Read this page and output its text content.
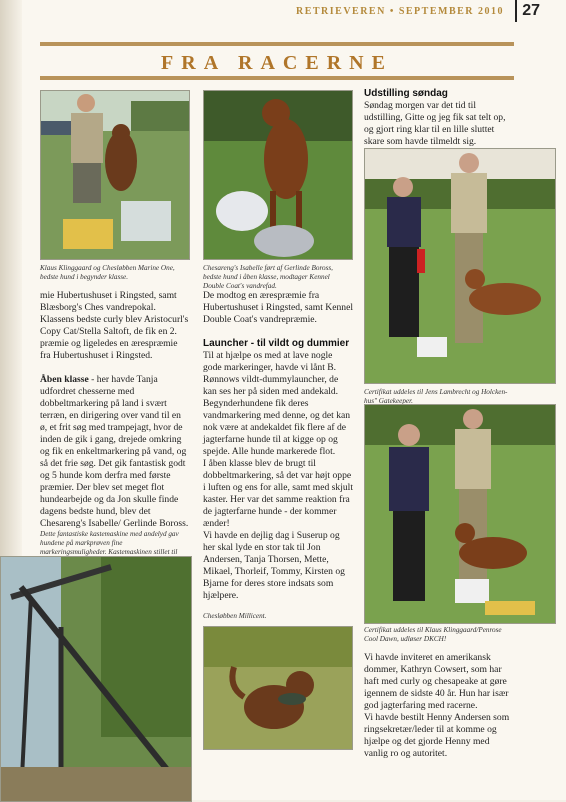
RETRIEVEREN • SEPTEMBER 2010 27
FRA RACERNE
Klaus Klinggaard og Chesløbben Marine One, bedste hund i begynder klasse.
Chesareng's Isabelle ført af Gerlinde Boross, bedste hund i åben klasse, modtager Kennel Double Coat's vandrefad.

mie Hubertushuset i Ringsted, samt Blæsborg's Ches vandrepokal. Klassens bedste curly blev Aristocurl's Copy Cat/Stella Saltoft, de fik en 2. præmie og ligeledes en ærespræmie fra Hubertushuset i Ringsted.

Åben klasse - her havde Tanja udfordret chesserne med dobbeltmarkering på land i svært terræn, en dirigering over vand til en ø, et frit søg med trampejagt, hvor de inden de gik i gang, drejede omkring og fik en enkeltmarkering på vand, og så det frie søg. Det gik fantastisk godt og 5 hunde kom derfra med første præmier. Der blev set meget flot hundearbejde og da Jon skulle finde dagens bedste hund, blev det Chesareng's Isabelle/ Gerlinde Boross.

Dette fantastiske kastemaskine med andelyd gav hundene på markprøven fine markeringsmuligheder. Kastemaskinen stillet til

De modtog en ærespræmie fra Hubertushuset i Ringsted, samt Kennel Double Coat's vandrepræmie.

Launcher - til vildt og dummier

Til at hjælpe os med at lave nogle gode markeringer, havde vi lånt B. Rønnows vildt-dummylauncher, de kan ses her på siden med andekald. Begynderhundene fik deres vandmarkering med denne, og det kan nok være at andekaldet fik flere af de jagterfarne hunde til at kigge op og spejde. Alle hunde markerede flot.

I åben klasse blev de brugt til dobbeltmarkering, så det var højt oppe i luften og ens for alle, samt med skjult kaster. Her var det samme reaktion fra de jagterfarne hunde - der kommer ænder!

Vi havde en dejlig dag i Suserup og her skal lyde en stor tak til Jon Andersen, Tanja Thorsen, Mette, Mikael, Thorleif, Tommy, Kirsten og Bjarne for deres store indsats som hjælpere.

Chesløbben Millicent.

Udstilling søndag

Søndag morgen var det tid til udstilling, Gitte og jeg fik sat telt op, og gjort ring klar til en lille sluttet skare som havde tilmeldt sig.

Certifikat uddeles til Jens Lambrecht og Holcken-hus" Gatekeeper.
Certifikat uddeles til Klaus Klinggaard/Penrose Cool Dawn, udløser DKCH!

Vi havde inviteret en amerikansk dommer, Kathryn Cowsert, som har haft med curly og chesapeake at gøre igennem de sidste 40 år. Hun har især god jagterfaring med racerne.

Vi havde bestilt Henny Andersen som ringsekretær/leder til at komme og hjælpe og det gjorde Henny med vanlig ro og autoritet.
